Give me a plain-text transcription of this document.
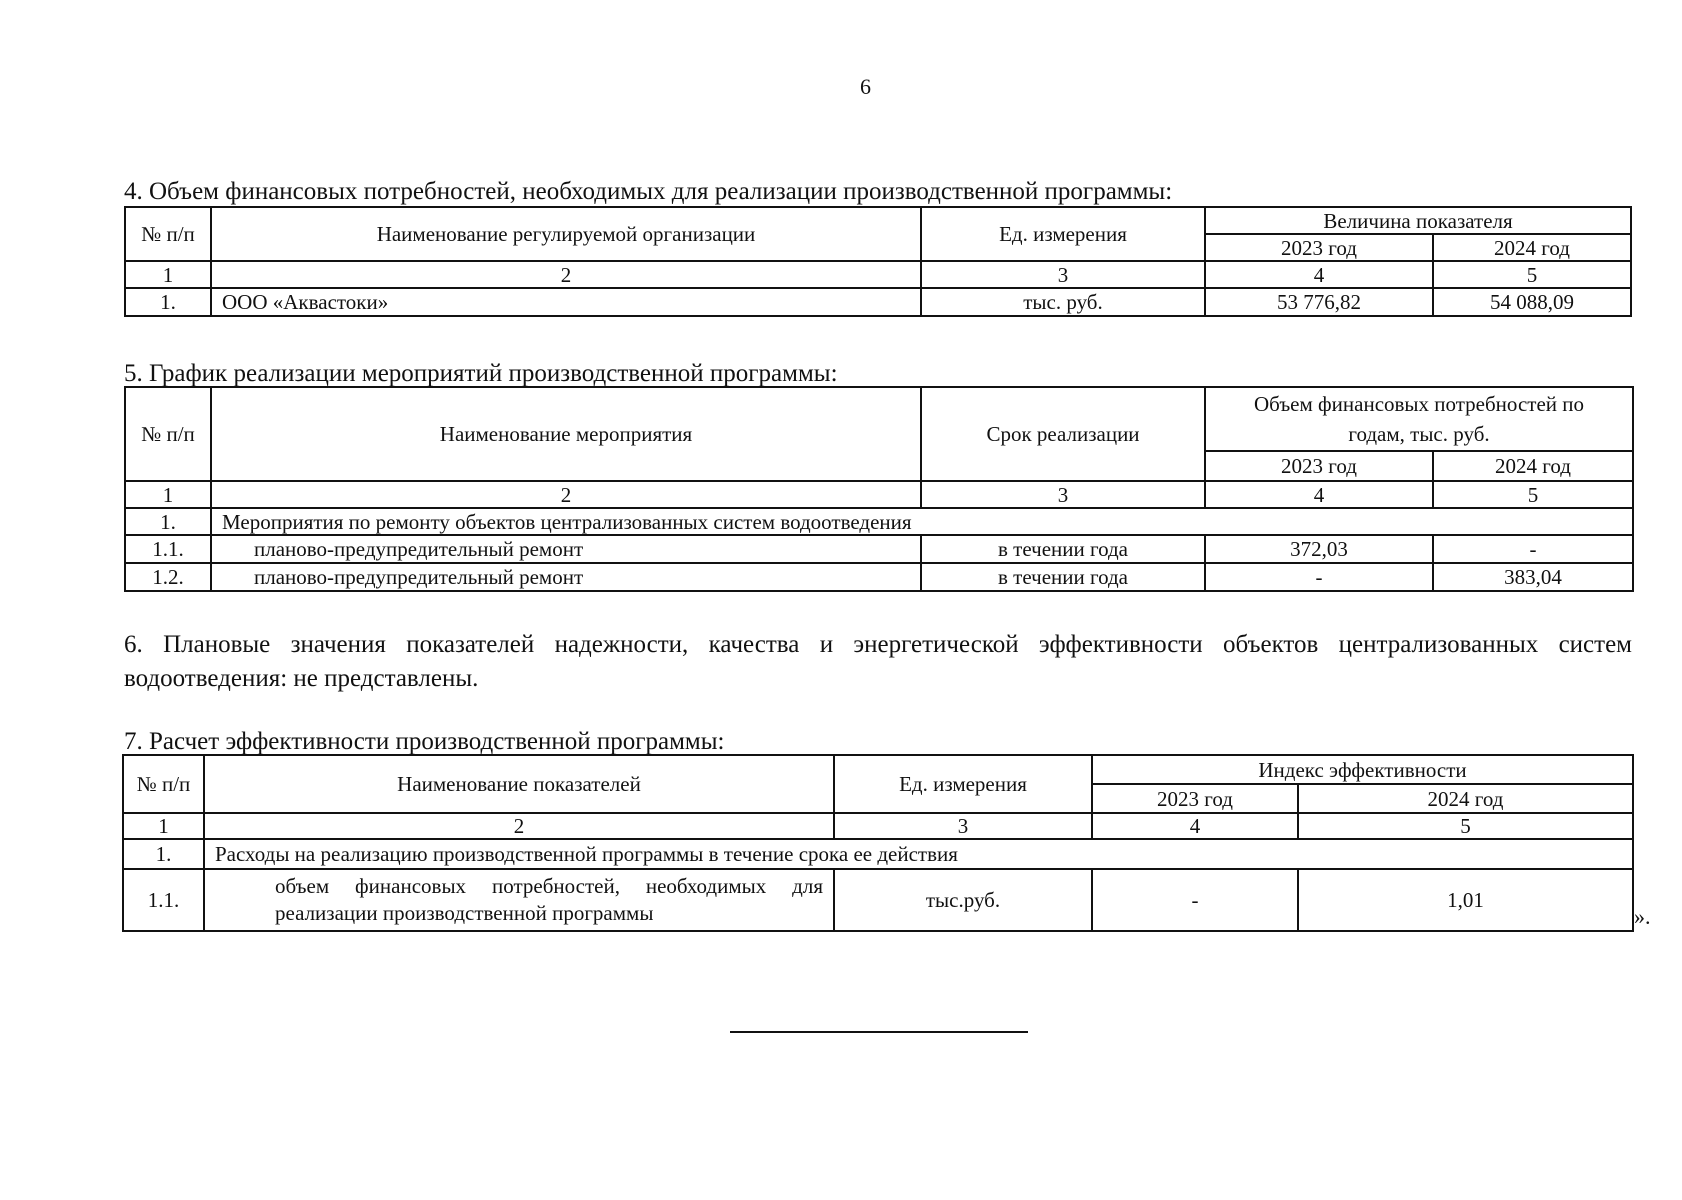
6
4. Объем финансовых потребностей, необходимых для реализации производственной программы:
№ п/п	Наименование регулируемой организации	Ед. измерения	Величина показателя	
			2023 год	2024 год
1	2	3	4	5
1.	ООО «Аквастоки»	тыс. руб.	53 776,82	54 088,09
5. График реализации мероприятий производственной программы:
№ п/п	Наименование мероприятия	Срок реализации	Объем финансовых потребностей по годам, тыс. руб.	
			2023 год	2024 год
1	2	3	4	5
1.	Мероприятия по ремонту объектов централизованных систем водоотведения			
1.1.	планово-предупредительный ремонт	в течении года	372,03	-
1.2.	планово-предупредительный ремонт	в течении года	-	383,04
6. Плановые значения показателей надежности, качества и энергетической эффективности объектов централизованных систем водоотведения: не представлены.
7. Расчет эффективности производственной программы:
№ п/п	Наименование показателей	Ед. измерения	Индекс эффективности	
			2023 год	2024 год
1	2	3	4	5
1.	Расходы на реализацию производственной программы в течение срока ее действия			
1.1.	объем финансовых потребностей, необходимых для реализации производственной программы	тыс.руб.	-	1,01
».
